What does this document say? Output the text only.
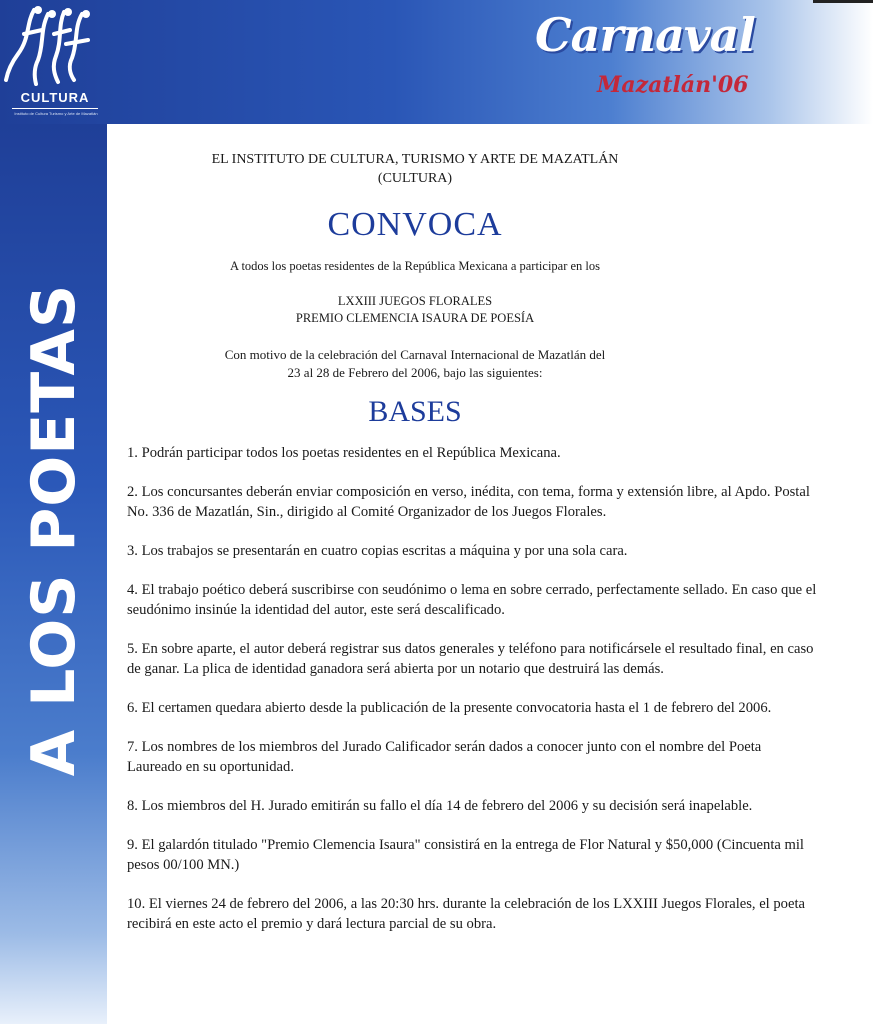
CULTURA
Instituto de Cultura Turismo y Arte de Mazatlán
Carnaval
Mazatlán'06
A LOS POETAS
EL INSTITUTO DE CULTURA, TURISMO Y ARTE DE MAZATLÁN
(CULTURA)
CONVOCA
A todos los poetas residentes de la República Mexicana a participar en los
LXXIII JUEGOS FLORALES
PREMIO CLEMENCIA ISAURA DE POESÍA
Con motivo de la celebración del Carnaval Internacional de Mazatlán del
23 al 28 de Febrero del 2006, bajo las siguientes:
BASES

1. Podrán participar todos los poetas residentes en el República Mexicana.

2. Los concursantes deberán enviar composición en verso, inédita, con tema, forma y extensión libre, al Apdo. Postal No. 336 de Mazatlán, Sin., dirigido al Comité Organizador de los Juegos Florales.

3. Los trabajos se presentarán en cuatro copias escritas a máquina y por una sola cara.

4. El trabajo poético deberá suscribirse con seudónimo o lema en sobre cerrado, perfectamente sellado. En caso que el seudónimo insinúe la identidad del autor, este será descalificado.

5. En sobre aparte, el autor deberá registrar sus datos generales y teléfono para notificársele el resultado final, en caso de ganar. La plica de identidad ganadora será abierta por un notario que destruirá las demás.

6. El certamen quedara abierto desde la publicación de la presente convocatoria hasta el 1 de febrero del 2006.

7. Los nombres de los miembros del Jurado Calificador serán dados a conocer junto con el nombre del Poeta Laureado en su oportunidad.

8. Los miembros del H. Jurado emitirán su fallo el día 14 de febrero del 2006 y su decisión será inapelable.

9. El galardón titulado "Premio Clemencia Isaura" consistirá en la entrega de Flor Natural y $50,000 (Cincuenta mil pesos 00/100 MN.)

10. El viernes 24 de febrero del 2006, a las 20:30 hrs. durante la celebración de los LXXIII Juegos Florales, el poeta recibirá en este acto el premio y dará lectura parcial de su obra.
